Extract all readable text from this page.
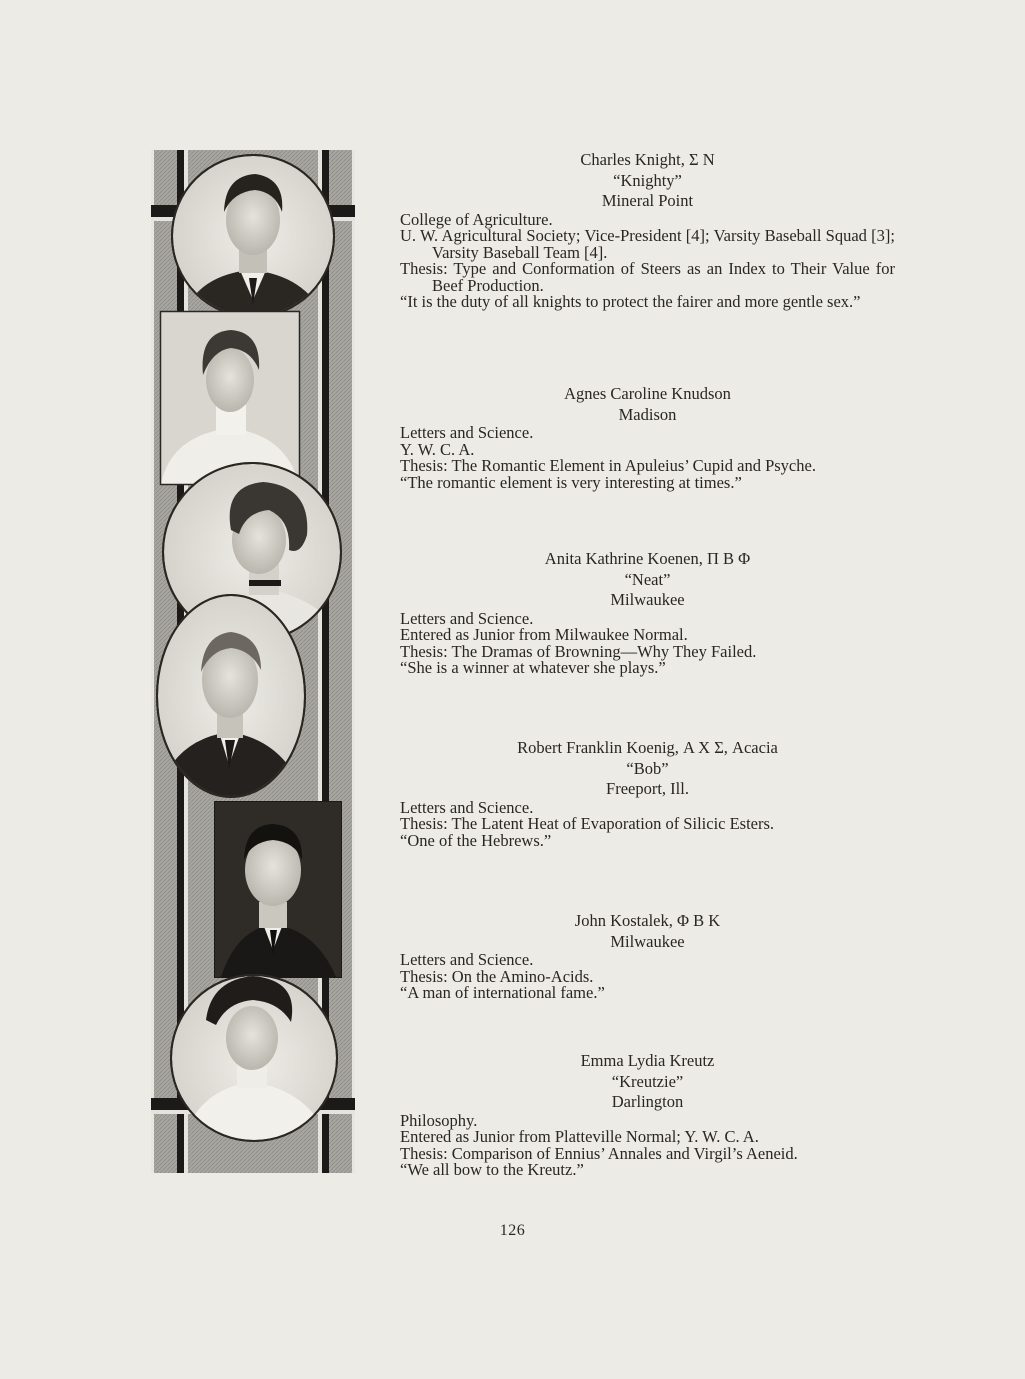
Charles Knight, Σ N
“Knighty”
Mineral Point
College of Agriculture.
U. W. Agricultural Society; Vice-President [4]; Varsity Baseball Squad [3]; Varsity Baseball Team [4].
Thesis: Type and Conformation of Steers as an Index to Their Value for Beef Production.
“It is the duty of all knights to protect the fairer and more gentle sex.”
Agnes Caroline Knudson
Madison
Letters and Science.
Y. W. C. A.
Thesis: The Romantic Element in Apuleius’ Cupid and Psyche.
“The romantic element is very interesting at times.”
Anita Kathrine Koenen, Π Β Φ
“Neat”
Milwaukee
Letters and Science.
Entered as Junior from Milwaukee Normal.
Thesis: The Dramas of Browning—Why They Failed.
“She is a winner at whatever she plays.”
Robert Franklin Koenig, Α Χ Σ, Acacia
“Bob”
Freeport, Ill.
Letters and Science.
Thesis: The Latent Heat of Evaporation of Silicic Esters.
“One of the Hebrews.”
John Kostalek, Φ Β Κ
Milwaukee
Letters and Science.
Thesis: On the Amino-Acids.
“A man of international fame.”
Emma Lydia Kreutz
“Kreutzie”
Darlington
Philosophy.
Entered as Junior from Platteville Normal; Y. W. C. A.
Thesis: Comparison of Ennius’ Annales and Virgil’s Aeneid.
“We all bow to the Kreutz.”
126
